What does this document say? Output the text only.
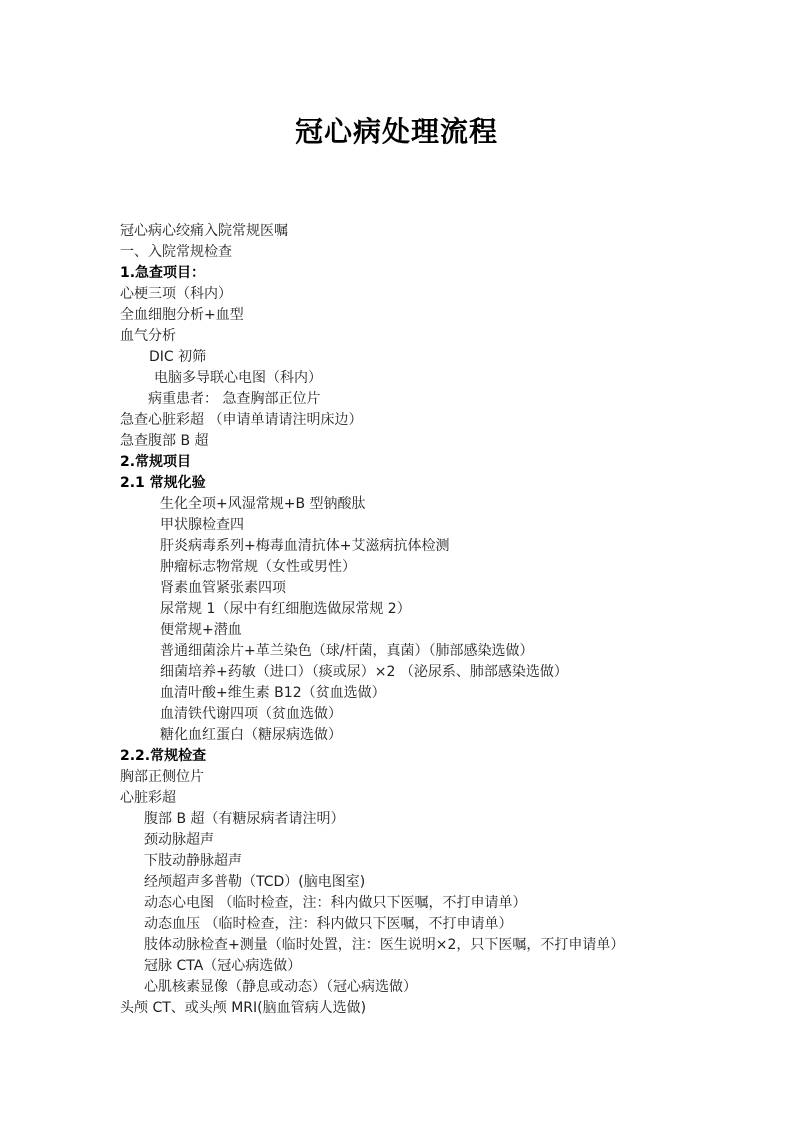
冠心病处理流程
冠心病心绞痛入院常规医嘱
一、入院常规检查
1.急查项目：
心梗三项（科内）
全血细胞分析+血型
血气分析
DIC 初筛
电脑多导联心电图（科内）
病重患者： 急查胸部正位片
急查心脏彩超 （申请单请请注明床边）
急查腹部 B 超
2.常规项目
2.1 常规化验
生化全项+风湿常规+B 型钠酸肽
甲状腺检查四
肝炎病毒系列+梅毒血清抗体+艾滋病抗体检测
肿瘤标志物常规（女性或男性）
肾素血管紧张素四项
尿常规 1（尿中有红细胞选做尿常规 2）
便常规+潜血
普通细菌涂片+革兰染色（球/杆菌，真菌）（肺部感染选做）
细菌培养+药敏（进口）（痰或尿）×2 （泌尿系、肺部感染选做）
血清叶酸+维生素 B12（贫血选做）
血清铁代谢四项（贫血选做）
糖化血红蛋白（糖尿病选做）
2.2.常规检查
胸部正侧位片
心脏彩超
腹部 B 超（有糖尿病者请注明）
颈动脉超声
下肢动静脉超声
经颅超声多普勒（TCD）(脑电图室)
动态心电图 （临时检查，注：科内做只下医嘱，不打申请单）
动态血压 （临时检查，注：科内做只下医嘱，不打申请单）
肢体动脉检查+测量（临时处置，注：医生说明×2，只下医嘱，不打申请单）
冠脉 CTA（冠心病选做）
心肌核素显像（静息或动态）（冠心病选做）
头颅 CT、或头颅 MRI(脑血管病人选做)
